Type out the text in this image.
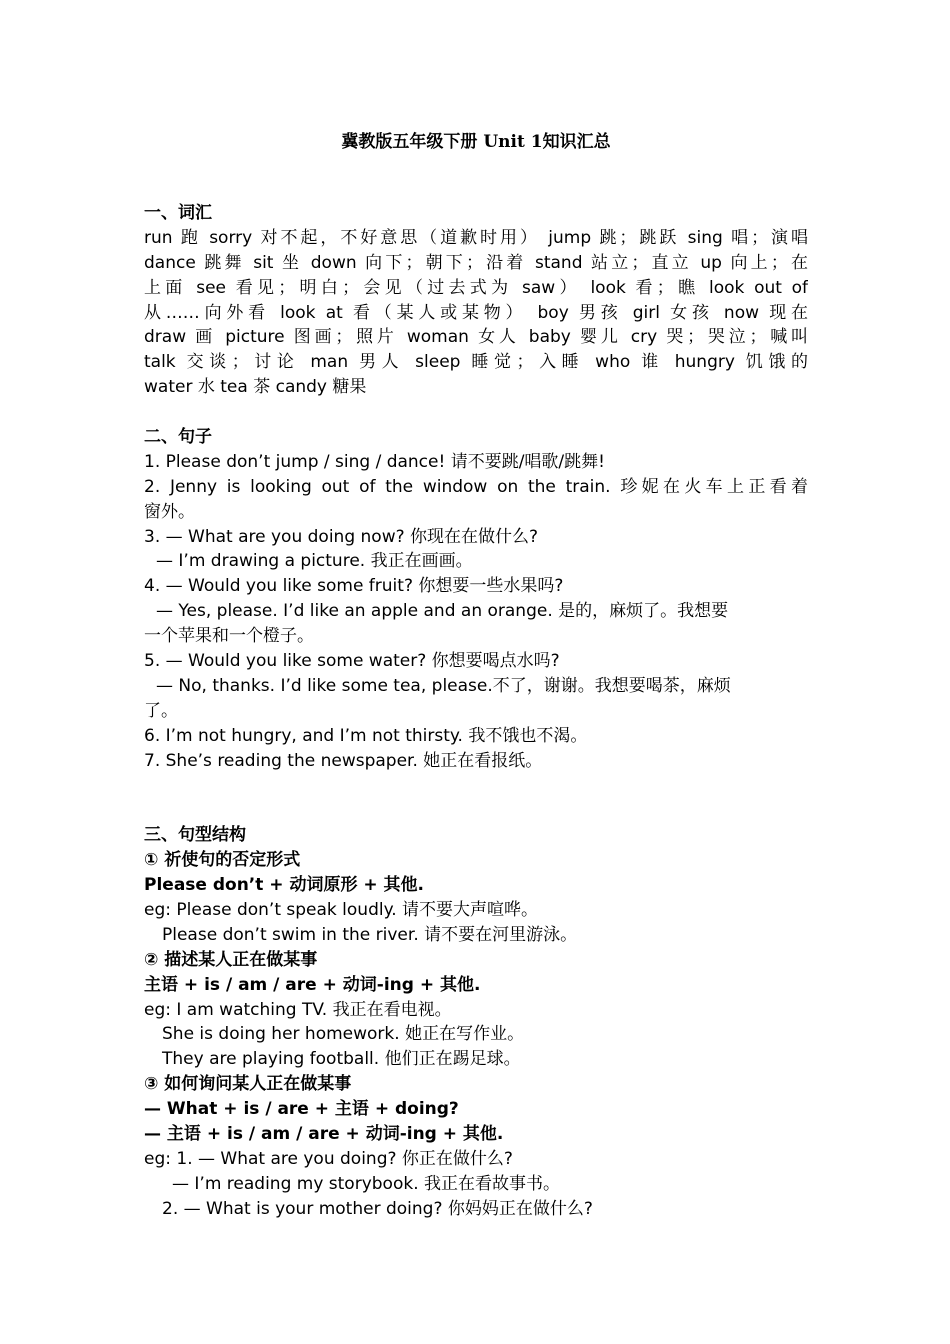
冀教版五年级下册 Unit 1知识汇总
一、词汇
run 跑 sorry 对不起，不好意思（道歉时用） jump 跳；跳跃 sing 唱；演唱
dance 跳舞 sit 坐 down 向下；朝下；沿着 stand 站立；直立 up 向上；在
上面 see 看见；明白；会见（过去式为 saw） look 看；瞧 look out of
从……向外看 look at 看（某人或某物） boy 男孩 girl 女孩 now 现在
draw 画 picture 图画；照片 woman 女人 baby 婴儿 cry 哭；哭泣；喊叫
talk 交谈；讨论 man 男人 sleep 睡觉；入睡 who 谁 hungry 饥饿的
water 水 tea 茶 candy 糖果
二、句子
1. Please don’t jump / sing / dance! 请不要跳/唱歌/跳舞!
2. Jenny is looking out of the window on the train. 珍妮在火车上正看着
窗外。
3. — What are you doing now? 你现在在做什么?
— I’m drawing a picture. 我正在画画。
4. — Would you like some fruit? 你想要一些水果吗?
— Yes, please. I’d like an apple and an orange. 是的，麻烦了。我想要
一个苹果和一个橙子。
5. — Would you like some water? 你想要喝点水吗?
— No, thanks. I’d like some tea, please.不了，谢谢。我想要喝茶，麻烦
了。
6. I’m not hungry, and I’m not thirsty. 我不饿也不渴。
7. She’s reading the newspaper. 她正在看报纸。
三、句型结构
① 祈使句的否定形式
Please don’t + 动词原形 + 其他.
eg: Please don’t speak loudly. 请不要大声喧哗。
Please don’t swim in the river. 请不要在河里游泳。
② 描述某人正在做某事
主语 + is / am / are + 动词-ing + 其他.
eg: I am watching TV. 我正在看电视。
She is doing her homework. 她正在写作业。
They are playing football. 他们正在踢足球。
③ 如何询问某人正在做某事
— What + is / are + 主语 + doing?
— 主语 + is / am / are + 动词-ing + 其他.
eg: 1. — What are you doing? 你正在做什么?
— I’m reading my storybook. 我正在看故事书。
2. — What is your mother doing? 你妈妈正在做什么?
